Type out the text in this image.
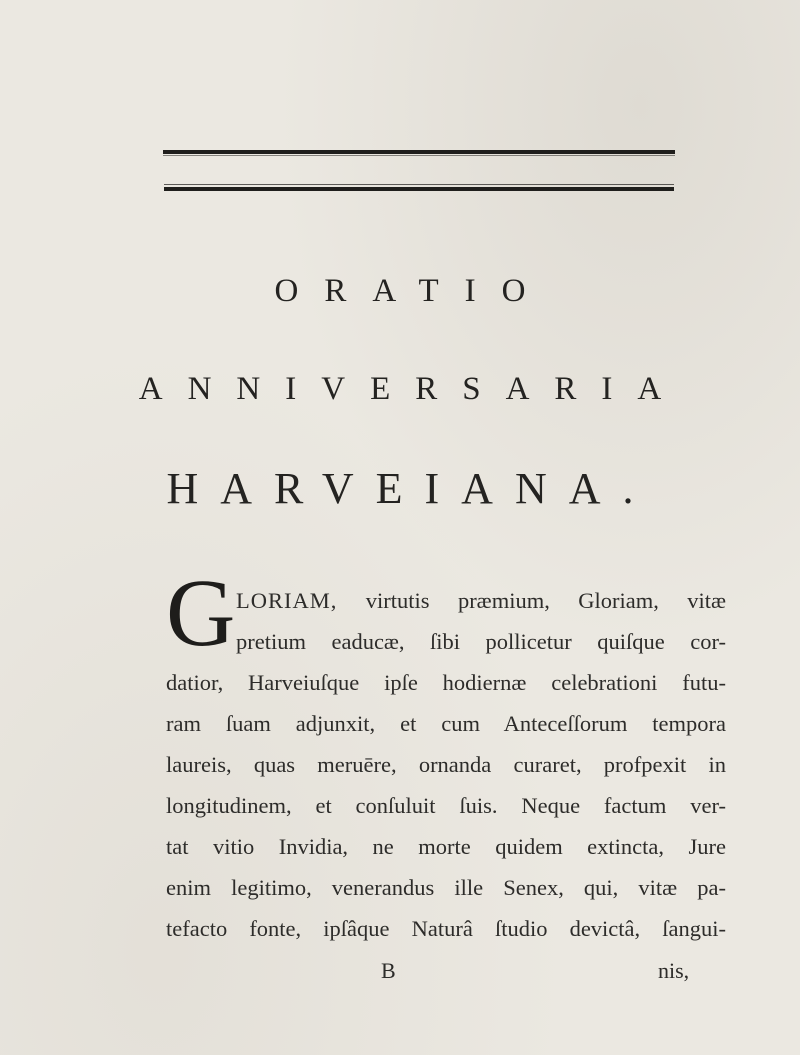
ORATIO
ANNIVERSARIA
HARVEIANA.
G LORIAM, virtutis præmium, Gloriam, vitæ
pretium eaducæ, ſibi pollicetur quiſque cor-
datior, Harveiuſque ipſe hodiernæ celebrationi futu-
ram ſuam adjunxit, et cum Anteceſſorum tempora
laureis, quas meruēre, ornanda curaret, profpexit in
longitudinem, et conſuluit ſuis. Neque factum ver-
tat vitio Invidia, ne morte quidem extincta, Jure
enim legitimo, venerandus ille Senex, qui, vitæ pa-
tefacto fonte, ipſâque Naturâ ſtudio devictâ, ſangui-
B	nis,
